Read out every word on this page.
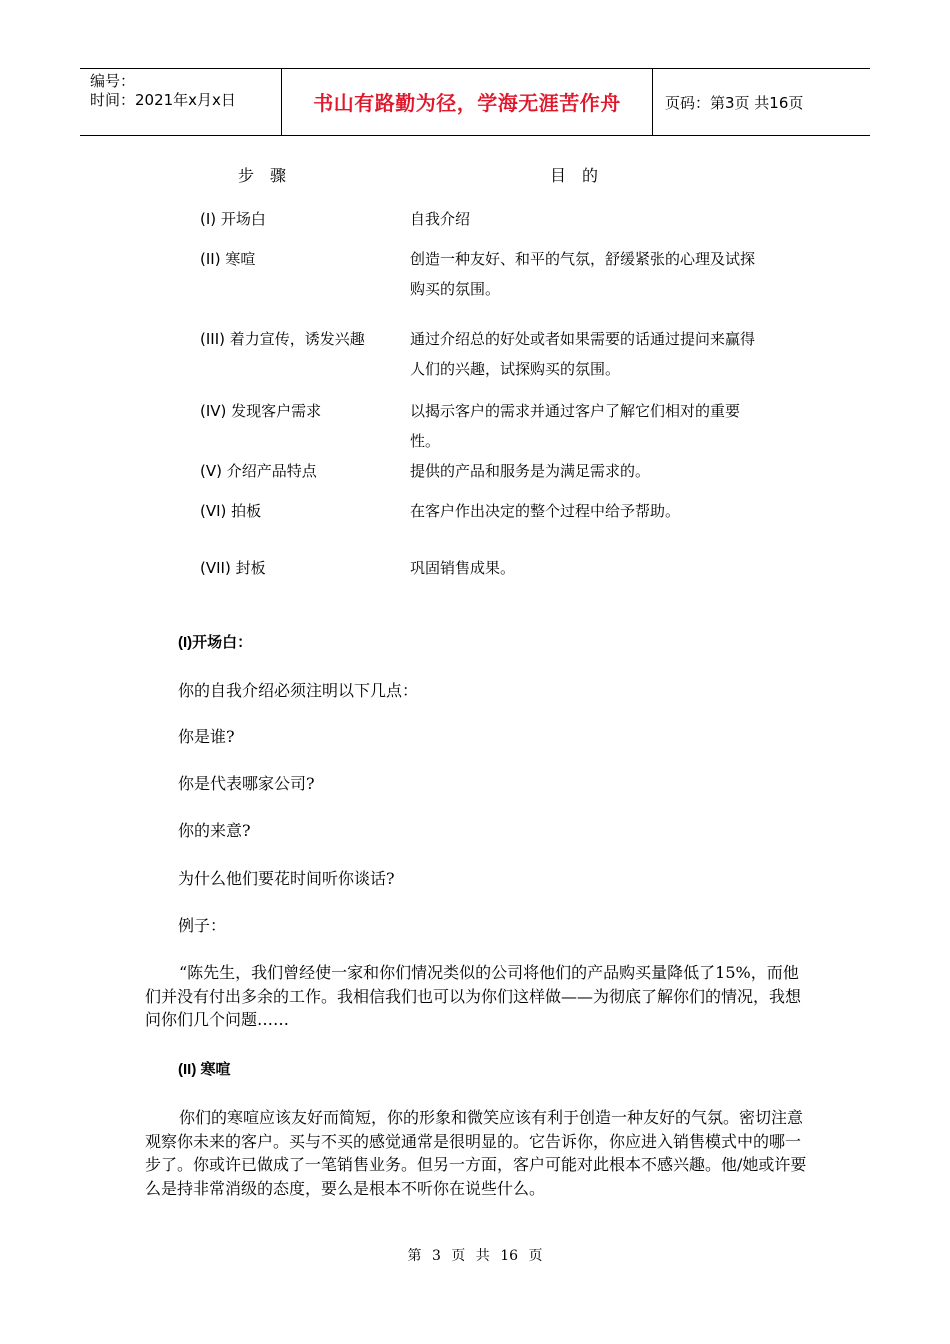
编号：
时间：2021年x月x日	书山有路勤为径，学海无涯苦作舟	页码：第3页 共16页
步骤	目的
(I) 开场白	自我介绍
(II) 寒喧	创造一种友好、和平的气氛，舒缓紧张的心理及试探购买的氛围。
(III) 着力宣传，诱发兴趣	通过介绍总的好处或者如果需要的话通过提问来赢得人们的兴趣，试探购买的氛围。
(IV) 发现客户需求	以揭示客户的需求并通过客户了解它们相对的重要性。
(V) 介绍产品特点	提供的产品和服务是为满足需求的。
(VI) 拍板	在客户作出决定的整个过程中给予帮助。
(VII) 封板	巩固销售成果。
(I)开场白：
你的自我介绍必须注明以下几点：
你是谁?
你是代表哪家公司?
你的来意?
为什么他们要花时间听你谈话?
例子：
“陈先生，我们曾经使一家和你们情况类似的公司将他们的产品购买量降低了15%，而他们并没有付出多余的工作。我相信我们也可以为你们这样做——为彻底了解你们的情况，我想问你们几个问题……
(II) 寒喧
你们的寒喧应该友好而简短，你的形象和微笑应该有利于创造一种友好的气氛。密切注意观察你未来的客户。买与不买的感觉通常是很明显的。它告诉你，你应进入销售模式中的哪一步了。你或许已做成了一笔销售业务。但另一方面，客户可能对此根本不感兴趣。他/她或许要么是持非常消级的态度，要么是根本不听你在说些什么。
第 3 页 共 16 页
